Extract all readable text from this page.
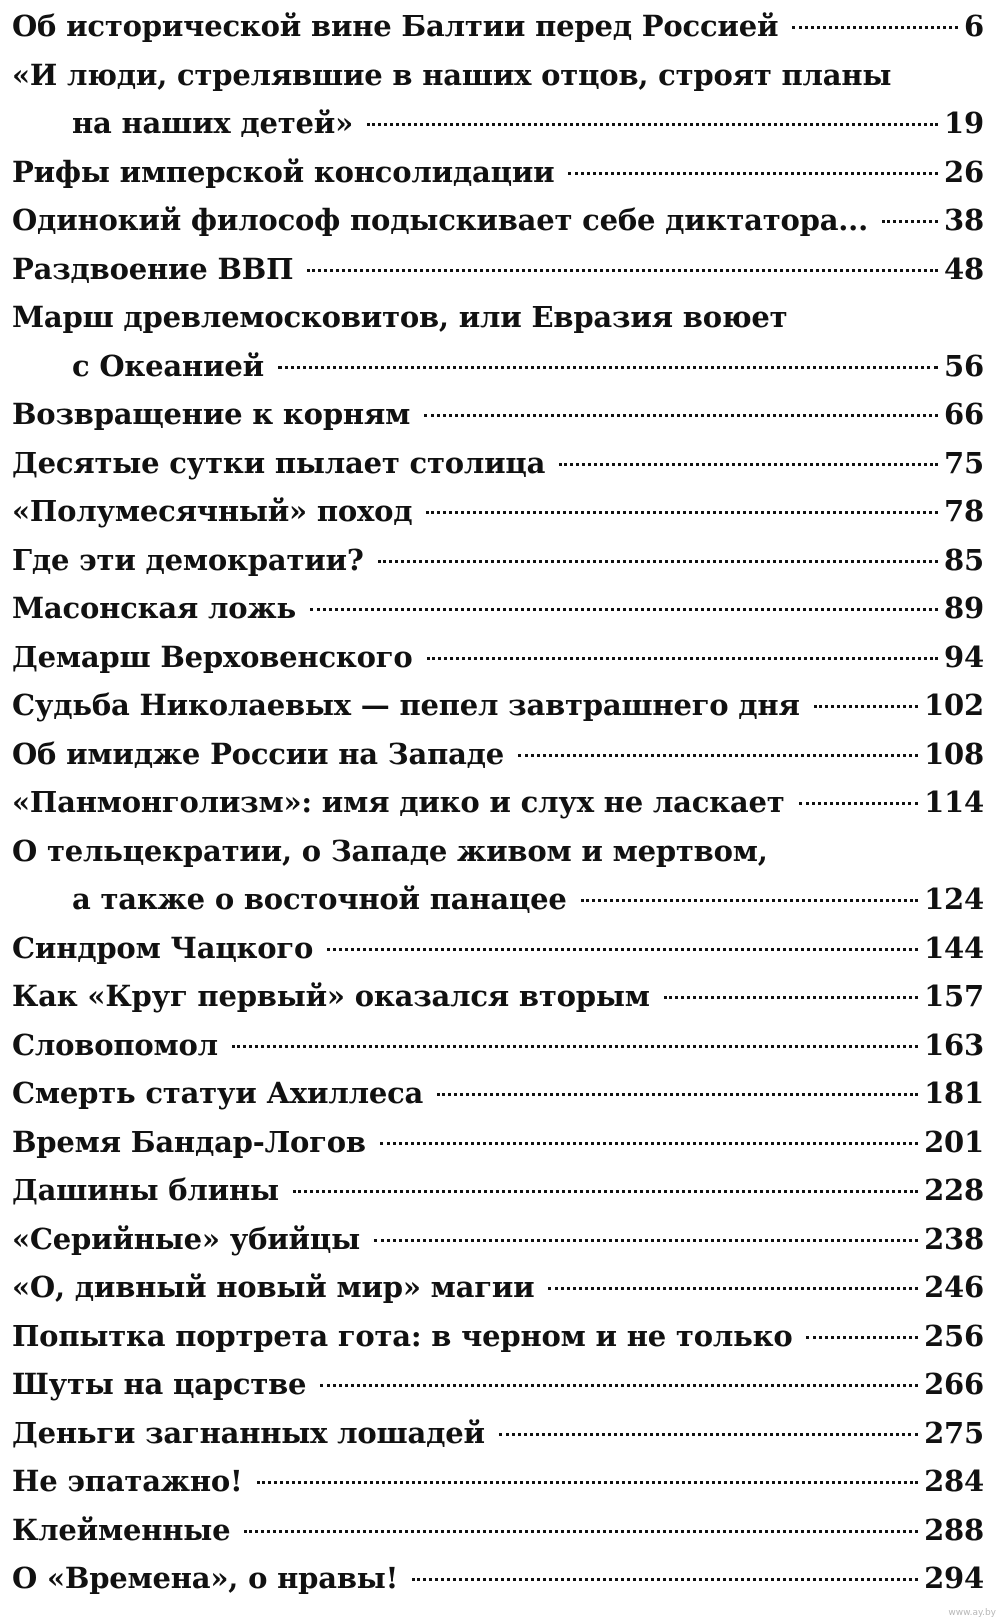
Об исторической вине Балтии перед Россией	6
«И люди, стрелявшие в наших отцов, строят планы
на наших детей»	19
Рифы имперской консолидации	26
Одинокий философ подыскивает себе диктатора...	38
Раздвоение ВВП	48
Марш древлемосковитов, или Евразия воюет
с Океанией	56
Возвращение к корням	66
Десятые сутки пылает столица	75
«Полумесячный» поход	78
Где эти демократии?	85
Масонская ложь	89
Демарш Верховенского	94
Судьба Николаевых — пепел завтрашнего дня	102
Об имидже России на Западе	108
«Панмонголизм»: имя дико и слух не ласкает	114
О тельцекратии, о Западе живом и мертвом,
а также о восточной панацее	124
Синдром Чацкого	144
Как «Круг первый» оказался вторым	157
Словопомол	163
Смерть статуи Ахиллеса	181
Время Бандар-Логов	201
Дашины блины	228
«Серийные» убийцы	238
«О, дивный новый мир» магии	246
Попытка портрета гота: в черном и не только	256
Шуты на царстве	266
Деньги загнанных лошадей	275
Не эпатажно!	284
Клейменные	288
О «Времена», о нравы!	294
www.ay.by
